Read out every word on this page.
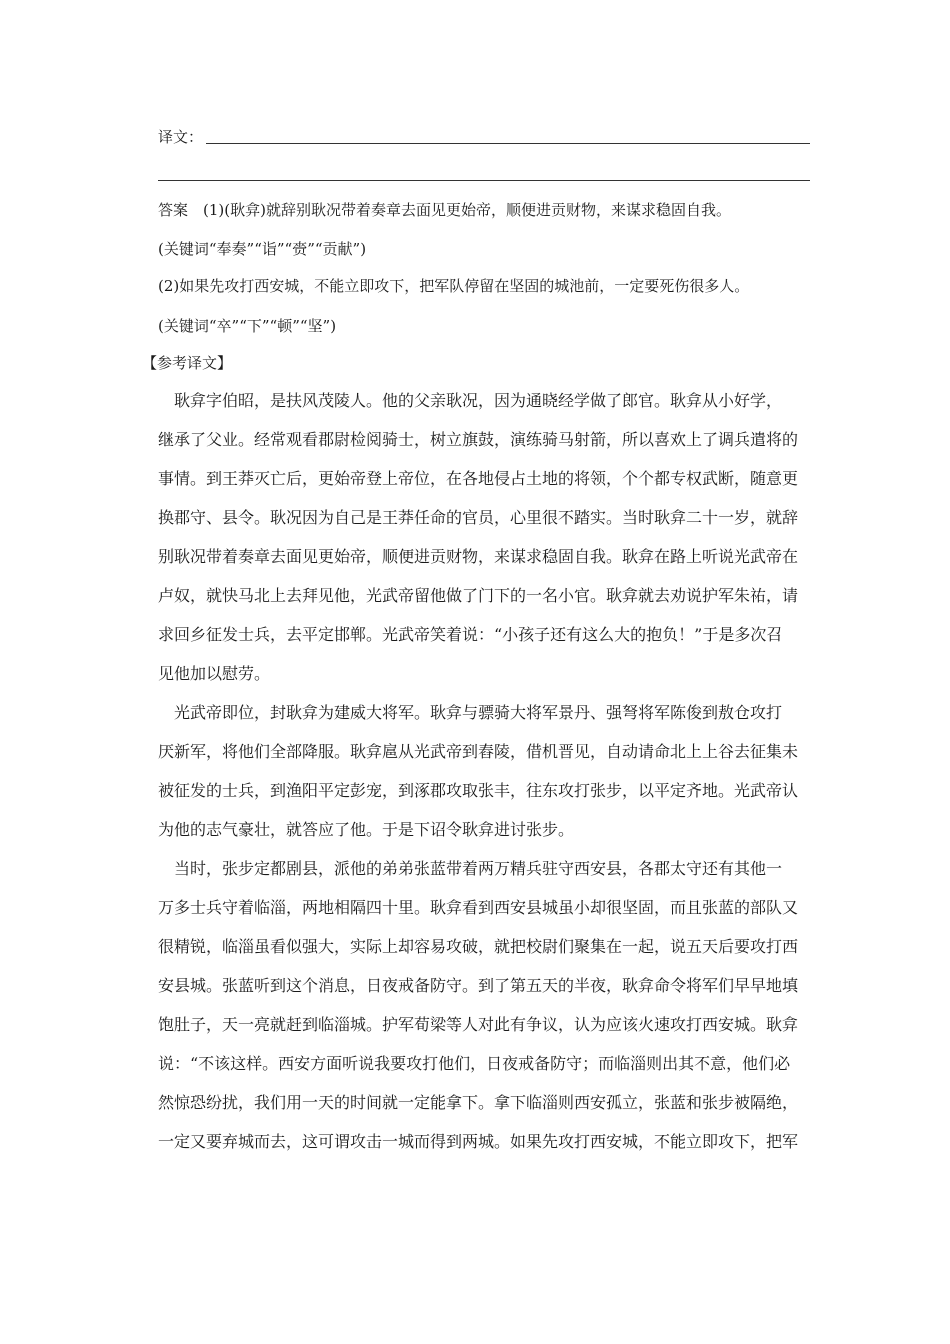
译文：
答案　(1)(耿弇)就辞别耿况带着奏章去面见更始帝，顺便进贡财物，来谋求稳固自我。
(关键词“奉奏”“诣”“赍”“贡献”)
(2)如果先攻打西安城，不能立即攻下，把军队停留在坚固的城池前，一定要死伤很多人。
(关键词“卒”“下”“顿”“坚”)
【参考译文】
耿弇字伯昭，是扶风茂陵人。他的父亲耿况，因为通晓经学做了郎官。耿弇从小好学，
继承了父业。经常观看郡尉检阅骑士，树立旗鼓，演练骑马射箭，所以喜欢上了调兵遣将的
事情。到王莽灭亡后，更始帝登上帝位，在各地侵占土地的将领，个个都专权武断，随意更
换郡守、县令。耿况因为自己是王莽任命的官员，心里很不踏实。当时耿弇二十一岁，就辞
别耿况带着奏章去面见更始帝，顺便进贡财物，来谋求稳固自我。耿弇在路上听说光武帝在
卢奴，就快马北上去拜见他，光武帝留他做了门下的一名小官。耿弇就去劝说护军朱祐，请
求回乡征发士兵，去平定邯郸。光武帝笑着说：“小孩子还有这么大的抱负！”于是多次召
见他加以慰劳。
光武帝即位，封耿弇为建威大将军。耿弇与骠骑大将军景丹、强弩将军陈俊到敖仓攻打
厌新军，将他们全部降服。耿弇扈从光武帝到舂陵，借机晋见，自动请命北上上谷去征集未
被征发的士兵，到渔阳平定彭宠，到涿郡攻取张丰，往东攻打张步，以平定齐地。光武帝认
为他的志气豪壮，就答应了他。于是下诏令耿弇进讨张步。
当时，张步定都剧县，派他的弟弟张蓝带着两万精兵驻守西安县，各郡太守还有其他一
万多士兵守着临淄，两地相隔四十里。耿弇看到西安县城虽小却很坚固，而且张蓝的部队又
很精锐，临淄虽看似强大，实际上却容易攻破，就把校尉们聚集在一起，说五天后要攻打西
安县城。张蓝听到这个消息，日夜戒备防守。到了第五天的半夜，耿弇命令将军们早早地填
饱肚子，天一亮就赶到临淄城。护军荀梁等人对此有争议，认为应该火速攻打西安城。耿弇
说：“不该这样。西安方面听说我要攻打他们，日夜戒备防守；而临淄则出其不意，他们必
然惊恐纷扰，我们用一天的时间就一定能拿下。拿下临淄则西安孤立，张蓝和张步被隔绝，
一定又要弃城而去，这可谓攻击一城而得到两城。如果先攻打西安城，不能立即攻下，把军
